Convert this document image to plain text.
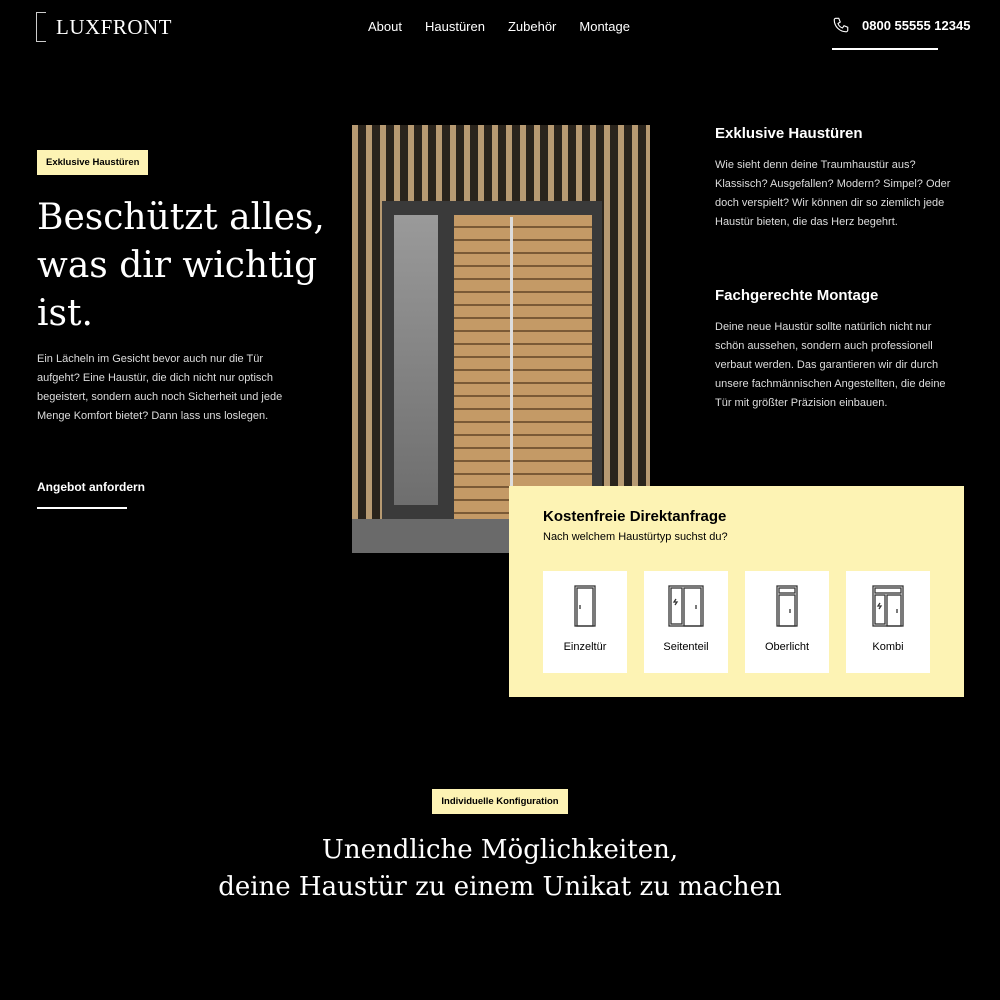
LUXFRONT	About Haustüren Zubehör Montage	0800 55555 12345
Exklusive Haustüren
Beschützt alles, was dir wichtig ist.

Ein Lächeln im Gesicht bevor auch nur die Tür aufgeht? Eine Haustür, die dich nicht nur optisch begeistert, sondern auch noch Sicherheit und jede Menge Komfort bietet? Dann lass uns loslegen.

Angebot anfordern
Exklusive Haustüren

Wie sieht denn deine Traumhaustür aus? Klassisch? Ausgefallen? Modern? Simpel? Oder doch verspielt? Wir können dir so ziemlich jede Haustür bieten, die das Herz begehrt.

Fachgerechte Montage

Deine neue Haustür sollte natürlich nicht nur schön aussehen, sondern auch professionell verbaut werden. Das garantieren wir dir durch unsere fachmännischen Angestellten, die deine Tür mit größter Präzision einbauen.

Kostenfreie Direktanfrage
Nach welchem Haustürtyp suchst du?
Einzeltür	Seitenteil	Oberlicht	Kombi
Individuelle Konfiguration
Unendliche Möglichkeiten,
deine Haustür zu einem Unikat zu machen
